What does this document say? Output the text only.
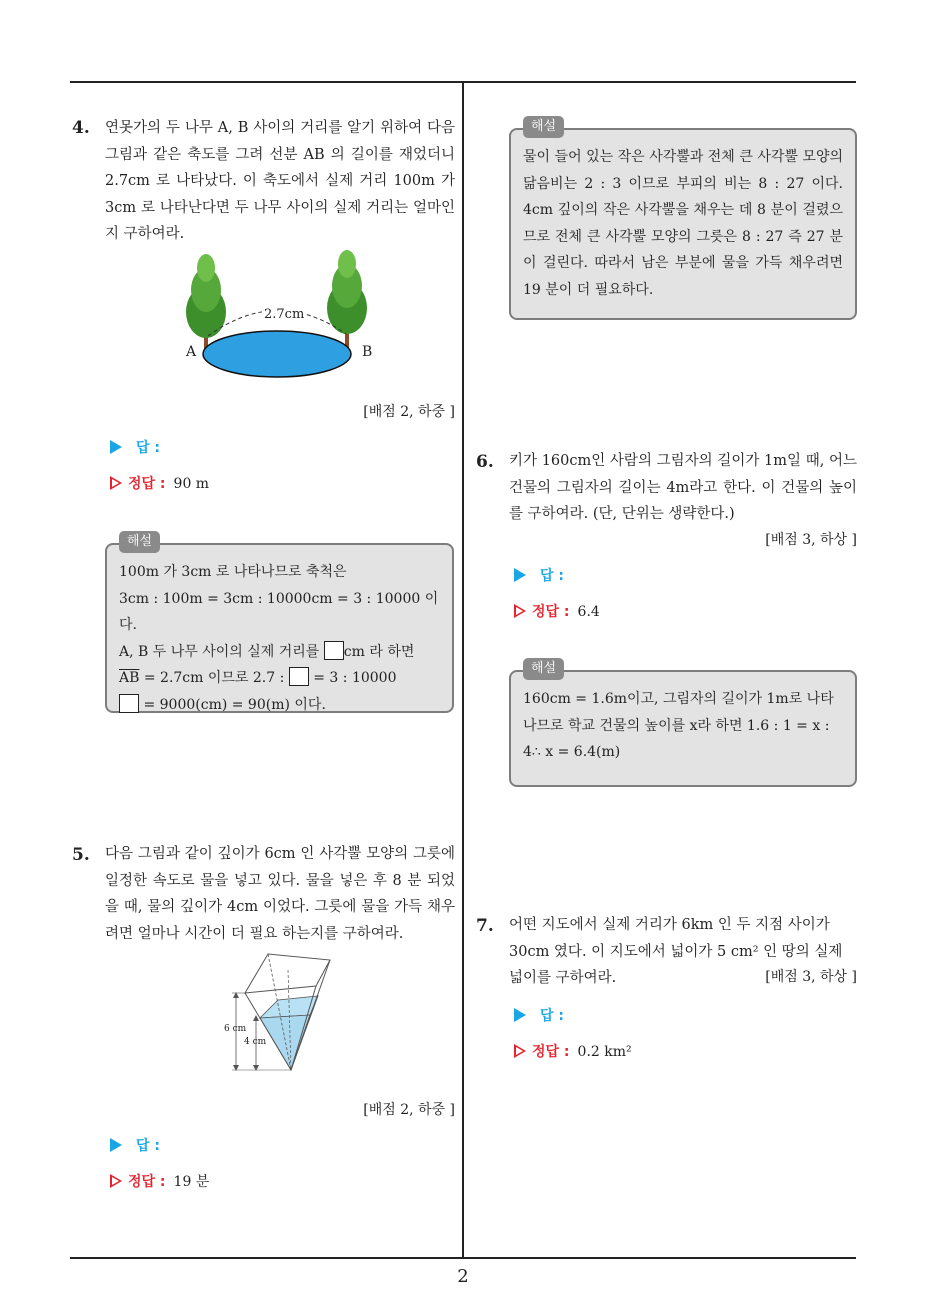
4. 연못가의 두 나무 A, B 사이의 거리를 알기 위하여 다음 그림과 같은 축도를 그려 선분 AB 의 길이를 재었더니 2.7cm 로 나타났다. 이 축도에서 실제 거리 100m 가 3cm 로 나타난다면 두 나무 사이의 실제 거리는 얼마인지 구하여라.
2.7cm
A	B
[배점 2, 하중 ]
답 :
정답 : 90 m
해설
100m 가 3cm 로 나타나므로 축척은
3cm : 100m = 3cm : 10000cm = 3 : 10000 이다.
A, B 두 나무 사이의 실제 거리를 cm 라 하면
$\overline{AB} = 2.7cm$ 이므로 2.7 : = 3 : 10000
= 9000(cm) = 90(m) 이다.
5. 다음 그림과 같이 깊이가 6cm 인 사각뿔 모양의 그릇에 일정한 속도로 물을 넣고 있다. 물을 넣은 후 8 분 되었을 때, 물의 깊이가 4cm 이었다. 그릇에 물을 가득 채우려면 얼마나 시간이 더 필요 하는지를 구하여라.
6 cm
4 cm
[배점 2, 하중 ]
답 :
정답 : 19 분
해설
물이 들어 있는 작은 사각뿔과 전체 큰 사각뿔 모양의 닮음비는 2 : 3 이므로 부피의 비는 8 : 27 이다. 4cm 깊이의 작은 사각뿔을 채우는 데 8 분이 걸렸으므로 전체 큰 사각뿔 모양의 그릇은 8 : 27 즉 27 분이 걸린다. 따라서 남은 부분에 물을 가득 채우려면 19 분이 더 필요하다.
6. 키가 160cm인 사람의 그림자의 길이가 1m일 때, 어느 건물의 그림자의 길이는 4m라고 한다. 이 건물의 높이를 구하여라. (단, 단위는 생략한다.)
[배점 3, 하상 ]
답 :
정답 : 6.4
해설
160cm = 1.6m이고, 그림자의 길이가 1m로 나타
나므로 학교 건물의 높이를 x라 하면 1.6 : 1 = x :
4∴ x = 6.4(m)
7. 어떤 지도에서 실제 거리가 6km 인 두 지점 사이가
30cm 였다. 이 지도에서 넓이가 5 cm² 인 땅의 실제
넓이를 구하여라.	[배점 3, 하상 ]
답 :
정답 : 0.2 km²
2
